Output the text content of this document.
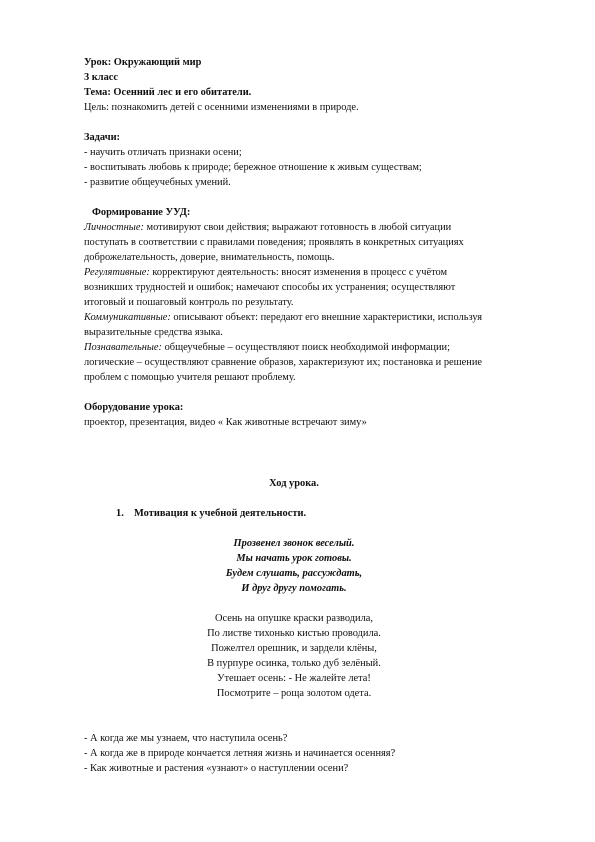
Урок: Окружающий мир
3 класс
Тема: Осенний лес и его обитатели.
Цель: познакомить детей с осенними изменениями в природе.
Задачи:
- научить отличать признаки осени;
- воспитывать любовь к природе; бережное отношение к живым существам;
- развитие общеучебных умений.
Формирование УУД:
Личностные: мотивируют свои действия; выражают готовность в любой ситуации
поступать в соответствии с правилами поведения; проявлять в конкретных ситуациях
доброжелательность, доверие, внимательность, помощь.
Регулятивные: корректируют деятельность: вносят изменения в процесс с учётом
возникших трудностей и ошибок; намечают способы их устранения; осуществляют
итоговый и пошаговый контроль по результату.
Коммуникативные: описывают объект: передают его внешние характеристики, используя
выразительные средства языка.
Познавательные: общеучебные – осуществляют поиск необходимой информации;
логические – осуществляют сравнение образов, характеризуют их; постановка и решение
проблем с помощью учителя решают проблему.
Оборудование урока:
проектор, презентация, видео « Как животные встречают зиму»
Ход урока.
1. Мотивация к учебной деятельности.
Прозвенел звонок веселый.
Мы начать урок готовы.
Будем слушать, рассуждать,
И друг другу помогать.
Осень на опушке краски разводила,
По листве тихонько кистью проводила.
Пожелтел орешник, и зардели клёны,
В пурпуре осинка, только дуб зелёный.
Утешает осень: - Не жалейте лета!
Посмотрите – роща золотом одета.
- А когда же мы узнаем, что наступила осень?
- А когда же в природе кончается летняя жизнь и начинается осенняя?
- Как животные и растения «узнают» о наступлении осени?
